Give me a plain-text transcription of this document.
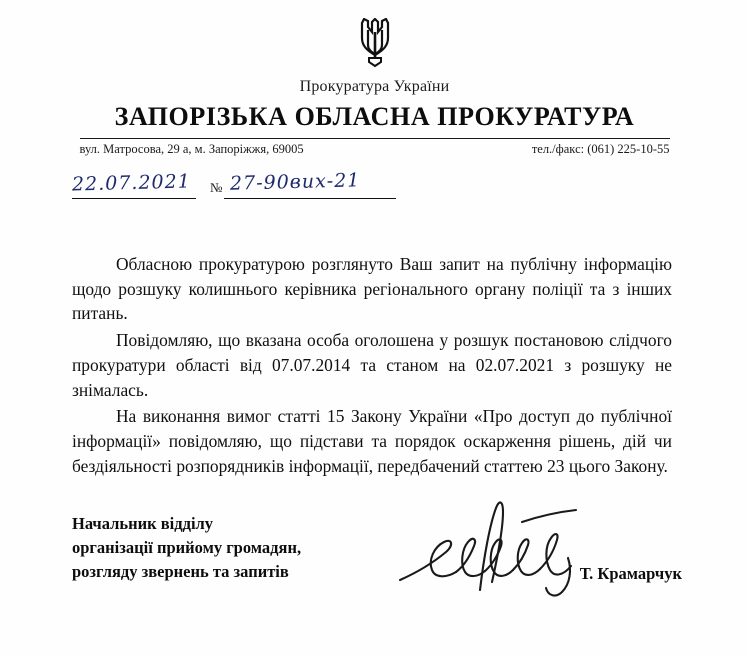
Прокуратура України
ЗАПОРІЗЬКА ОБЛАСНА ПРОКУРАТУРА
вул. Матросова, 29 а, м. Запоріжжя, 69005	тел./факс: (061) 225-10-55
22.07.2021 № 27-90вих-21

Обласною прокуратурою розглянуто Ваш запит на публічну інформацію щодо розшуку колишнього керівника регіонального органу поліції та з інших питань.

Повідомляю, що вказана особа оголошена у розшук постановою слідчого прокуратури області від 07.07.2014 та станом на 02.07.2021 з розшуку не знімалась.

На виконання вимог статті 15 Закону України «Про доступ до публічної інформації» повідомляю, що підстави та порядок оскарження рішень, дій чи бездіяльності розпорядників інформації, передбачений статтею 23 цього Закону.

Начальник відділу
організації прийому громадян,
розгляду звернень та запитів	Т. Крамарчук
